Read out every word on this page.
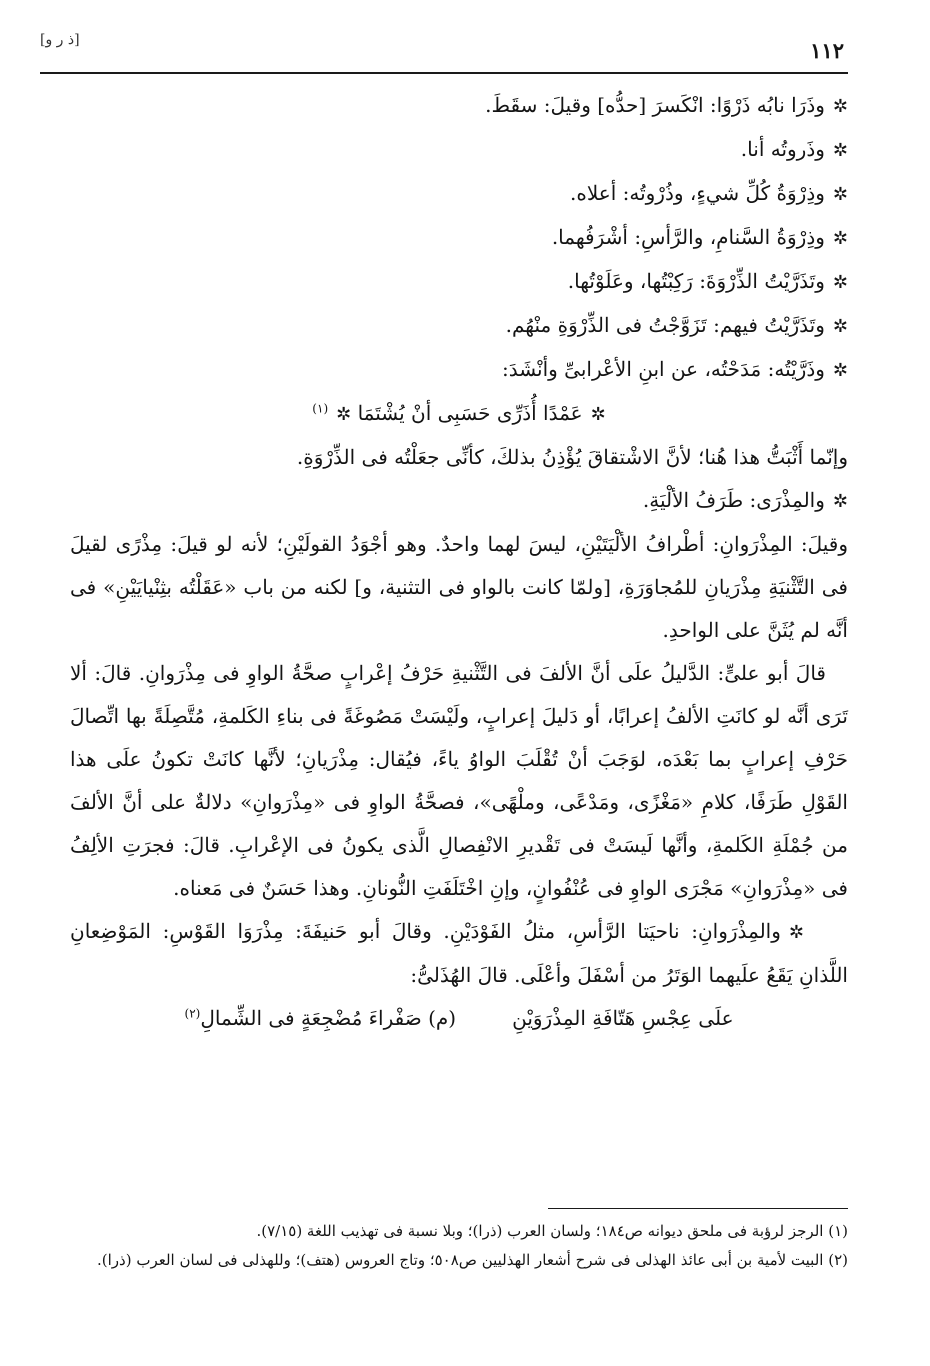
١١٢
[ذ ر و]

✲وذَرَا نابُه ذَرْوًا: انْكَسرَ [حدُّه] وقيلَ: سقَطَ.

✲وذَروتُه أنا.

✲وذِرْوَةُ كُلِّ شيءٍ، وذُرْوتُه: أعلاه.

✲وذِرْوَةُ السَّنامِ، والرَّأسِ: أشْرَفُهما.

✲وتَذَرَّيْتُ الذِّرْوَةَ: رَكِبْتُها، وعَلَوْتُها.

✲وتَذَرَّيْتُ فيهم: تَزَوَّجْتُ فى الذِّرْوَةِ منْهُم.

✲وذَرَّيْتُه: مَدَحْتُه، عن ابنِ الأعْرابىِّ وأنْشَدَ:

✲عَمْدًا أُذَرِّى حَسَبِى أنْ يُشْتَمَا ✲$^{(١)}$

وإنّما أَثْبَتُّ هذا هُنا؛ لأنَّ الاشْتقاقَ يُؤْذِنُ بذلكَ، كأنِّى جعَلْتُه فى الذِّرْوَةِ.

✲والمِذْرَى: طَرَفُ الألْيَةِ.

وقيلَ: المِذْرَوانِ: أطْرافُ الألْيَتَيْنِ، ليسَ لهما واحدٌ. وهو أجْوَدُ القولَيْنِ؛ لأنه لو قيلَ: مِذْرًى لقيلَ فى التَّثْنيَةِ مِذْرَيانِ للمُجاوَرَةِ، [ولمّا كانت بالواو فى التثنية، و] لكنه من باب «عَقَلْتُه بثِنْيايَيْنِ» فى أنَّه لم يُثَنَّ على الواحدِ.

قالَ أبو علىٍّ: الدَّليلُ علَى أنَّ الألفَ فى التَّثْنيةِ حَرْفُ إعْرابٍ صحَّةُ الواوِ فى مِذْرَوانِ. قالَ: ألا تَرَى أنَّه لو كانَتِ الألفُ إعرابًا، أو دَليلَ إعرابٍ، ولَيْسَتْ مَصُوغَةً فى بناءِ الكَلمةِ، مُتَّصِلَةً بها اتِّصالَ حَرْفِ إعرابٍ بما بَعْدَه، لوَجَبَ أنْ تُقْلَبَ الواوُ ياءً، فيُقال: مِذْرَيانِ؛ لأنَّها كانَتْ تكونُ علَى هذا القَوْلِ طَرَفًا، كلامِ «مَغْزًى، ومَدْعًى، وملْهًى»، فصحَّةُ الواوِ فى «مِذْرَوانِ» دلالةٌ على أنَّ الألفَ من جُمْلَةِ الكَلمةِ، وأنَّها لَيسَتْ فى تَقْديرِ الانْفِصالِ الَّذى يكونُ فى الإعْرابِ. قالَ: فجرَتِ الألِفُ فى «مِذْرَوانِ» مَجْرَى الواوِ فى عُنْفُوانٍ، وإنِ اخْتَلَفَتِ النُّونانِ. وهذا حَسَنٌ فى مَعناه.

✲والمِذْرَوانِ: ناحيَتا الرَّأسِ، مثلُ الفَوْدَيْنِ. وقالَ أبو حَنيفَةَ: مِذْرَوَا القَوْسِ: المَوْضِعانِ اللَّذانِ يَقَعُ علَيهما الوَتَرُ من أسْفَلَ وأعْلَى. قالَ الهُذَلىُّ:

علَى عِجْسِ هَتّافَةِ المِذْرَوَيْنِ
(م) صَفْراءَ مُضْجِعَةٍ فى الشِّمالِ$^{(٢)}$

(١) الرجز لرؤبة فى ملحق ديوانه ص١٨٤؛ ولسان العرب (ذرا)؛ وبلا نسبة فى تهذيب اللغة (٧/١٥).

(٢) البيت لأمية بن أبى عائذ الهذلى فى شرح أشعار الهذليين ص٥٠٨؛ وتاج العروس (هتف)؛ وللهذلى فى لسان العرب (ذرا).
